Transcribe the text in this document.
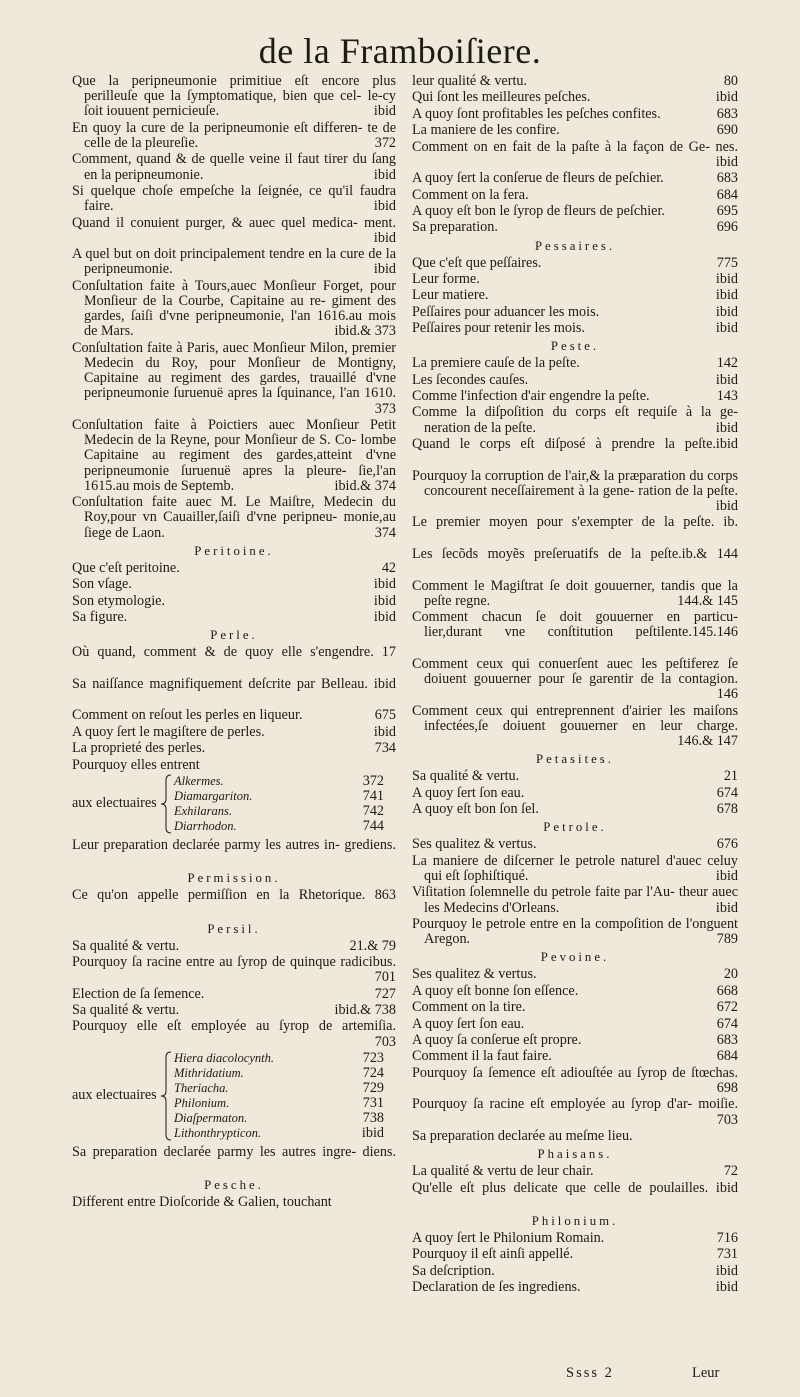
de la Framboiſiere.
Que la peripneumonie primitiue eſt encore plus perilleuſe que la ſymptomatique, bien que cel- le-cy ſoit iouuent pernicieuſe.	ibid
En quoy la cure de la peripneumonie eſt differen- te de celle de la pleureſie.	372
Comment, quand & de quelle veine il faut tirer du ſang en la peripneumonie.	ibid
Si quelque choſe empeſche la ſeignée, ce qu'il faudra faire.	ibid
Quand il conuient purger, & auec quel medica- ment.
ibid
A quel but on doit principalement tendre en la cure de la peripneumonie.	ibid
Conſultation faite à Tours,auec Monſieur Forget, pour Monſieur de la Courbe, Capitaine au re- giment des gardes, ſaiſi d'vne peripneumonie, l'an 1616.au mois de Mars.	ibid.& 373
Conſultation faite à Paris, auec Monſieur Milon, premier Medecin du Roy, pour Monſieur de Montigny, Capitaine au regiment des gardes, trauaillé d'vne peripneumonie ſuruenuë apres la ſquinance, l'an 1610.
373
Conſultation faite à Poictiers auec Monſieur Petit Medecin de la Reyne, pour Monſieur de S. Co- lombe Capitaine au regiment des gardes,atteint d'vne peripneumonie ſuruenuë apres la pleure- ſie,l'an 1615.au mois de Septemb.	ibid.& 374
Conſultation faite auec M. Le Maiſtre, Medecin du Roy,pour vn Cauailler,ſaiſi d'vne peripneu- monie,au ſiege de Laon.	374
Peritoine.
Que c'eſt peritoine.	42
Son vſage.	ibid
Son etymologie.	ibid
Sa figure.	ibid
Perle.
Où quand, comment & de quoy elle s'engendre. 17
Sa naiſſance magnifiquement deſcrite par Belleau. ibid
Comment on reſout les perles en liqueur.	675
A quoy ſert le magiſtere de perles.	ibid
La proprieté des perles.	734
Pourquoy elles entrent
aux electuaires
Alkermes.	372
Diamargariton.	741
Exhilarans.	742
Diarrhodon.	744
Leur preparation declarée parmy les autres in- grediens.
Permission.
Ce qu'on appelle permiſſion en la Rhetorique. 863
Persil.
Sa qualité & vertu.	21.& 79
Pourquoy ſa racine entre au ſyrop de quinque radicibus.
701
Election de ſa ſemence.	727
Sa qualité & vertu.	ibid.& 738
Pourquoy elle eſt employée au ſyrop de artemiſia.
703
aux electuaires
Hiera diacolocynth.	723
Mithridatium.	724
Theriacha.	729
Philonium.	731
Diaſpermaton.	738
Lithonthrypticon.	ibid
Sa preparation declarée parmy les autres ingre- diens.
Pesche.
Different entre Dioſcoride & Galien, touchant
leur qualité & vertu.	80
Qui ſont les meilleures peſches.	ibid
A quoy ſont profitables les peſches confites.	683
La maniere de les confire.	690
Comment on en fait de la paſte à la façon de Ge- nes.
ibid
A quoy ſert la conſerue de fleurs de peſchier.	683
Comment on la fera.	684
A quoy eſt bon le ſyrop de fleurs de peſchier.	695
Sa preparation.	696
Pessaires.
Que c'eſt que peſſaires.	775
Leur forme.	ibid
Leur matiere.	ibid
Peſſaires pour aduancer les mois.	ibid
Peſſaires pour retenir les mois.	ibid
Peste.
La premiere cauſe de la peſte.	142
Les ſecondes cauſes.	ibid
Comme l'infection d'air engendre la peſte.	143
Comme la diſpoſition du corps eſt requiſe à la ge- neration de la peſte.	ibid
Quand le corps eſt diſposé à prendre la peſte.ibid
Pourquoy la corruption de l'air,& la præparation du corps concourent neceſſairement à la gene- ration de la peſte.
ibid
Le premier moyen pour s'exempter de la peſte. ib.
Les ſecõds moyẽs preſeruatifs de la peſte.ib.& 144
Comment le Magiſtrat ſe doit gouuerner, tandis que la peſte regne.	144.& 145
Comment chacun ſe doit gouuerner en particu- lier,durant vne conſtitution peſtilente.145.146
Comment ceux qui conuerſent auec les peſtiferez ſe doiuent gouuerner pour ſe garentir de la contagion.
146
Comment ceux qui entreprennent d'airier les maiſons infectées,ſe doiuent gouuerner en leur charge.
146.& 147
Petasites.
Sa qualité & vertu.	21
A quoy ſert ſon eau.	674
A quoy eſt bon ſon ſel.	678
Petrole.
Ses qualitez & vertus.	676
La maniere de diſcerner le petrole naturel d'auec celuy qui eſt ſophiſtiqué.	ibid
Viſitation ſolemnelle du petrole faite par l'Au- theur auec les Medecins d'Orleans.	ibid
Pourquoy le petrole entre en la compoſition de l'onguent Aregon.	789
Pevoine.
Ses qualitez & vertus.	20
A quoy eſt bonne ſon eſſence.	668
Comment on la tire.	672
A quoy ſert ſon eau.	674
A quoy ſa conſerue eſt propre.	683
Comment il la faut faire.	684
Pourquoy ſa ſemence eſt adiouſtée au ſyrop de ſtœchas.
698
Pourquoy ſa racine eſt employée au ſyrop d'ar- moiſie.
703
Sa preparation declarée au meſme lieu.
Phaisans.
La qualité & vertu de leur chair.	72
Qu'elle eſt plus delicate que celle de poulailles. ibid
Philonium.
A quoy ſert le Philonium Romain.	716
Pourquoy il eſt ainſi appellé.	731
Sa deſcription.	ibid
Declaration de ſes ingrediens.	ibid
Ssss 2	Leur
